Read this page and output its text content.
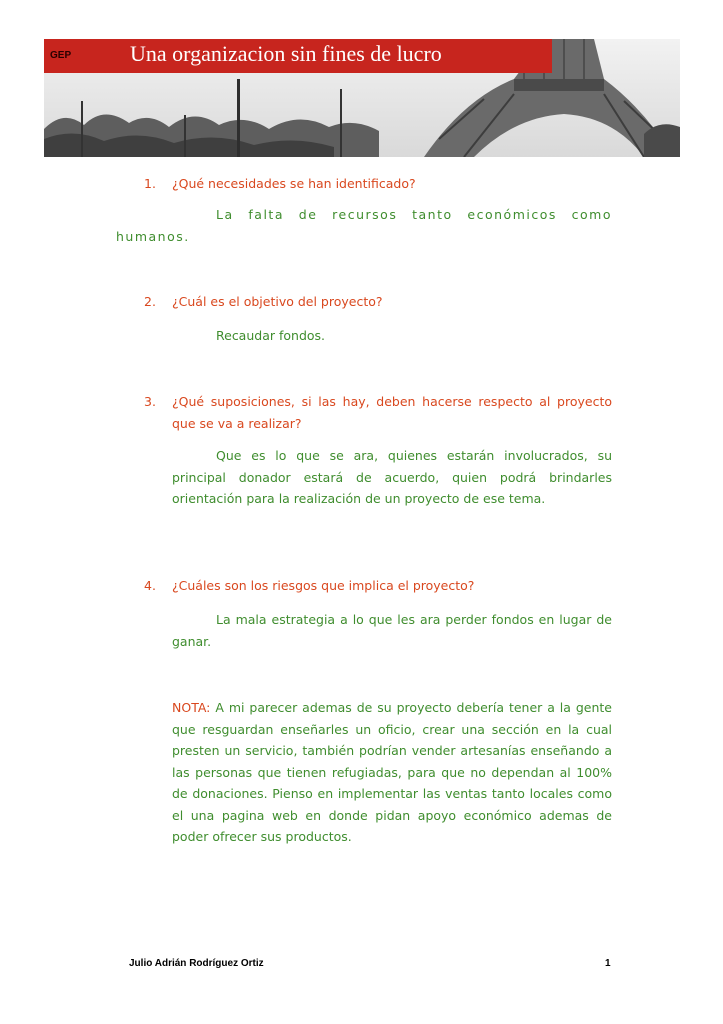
GEP	Una organizacion sin fines de lucro
1. ¿Qué necesidades se han identificado?
La falta de recursos tanto económicos como humanos.
2. ¿Cuál es el objetivo del proyecto?
Recaudar fondos.
3. ¿Qué suposiciones, si las hay, deben hacerse respecto al proyecto que se va a realizar?
Que es lo que se ara, quienes estarán involucrados, su principal donador estará de acuerdo, quien podrá brindarles orientación para la realización de un proyecto de ese tema.
4. ¿Cuáles son los riesgos que implica el proyecto?
La mala estrategia a lo que les ara perder fondos en lugar de ganar.
NOTA: A mi parecer ademas de su proyecto debería tener a la gente que resguardan enseñarles un oficio, crear una sección en la cual presten un servicio, también podrían vender artesanías enseñando a las personas que tienen refugiadas, para que no dependan al 100% de donaciones. Pienso en implementar las ventas tanto locales como el una pagina web en donde pidan apoyo económico ademas de poder ofrecer sus productos.
Julio Adrián Rodríguez Ortiz	1
